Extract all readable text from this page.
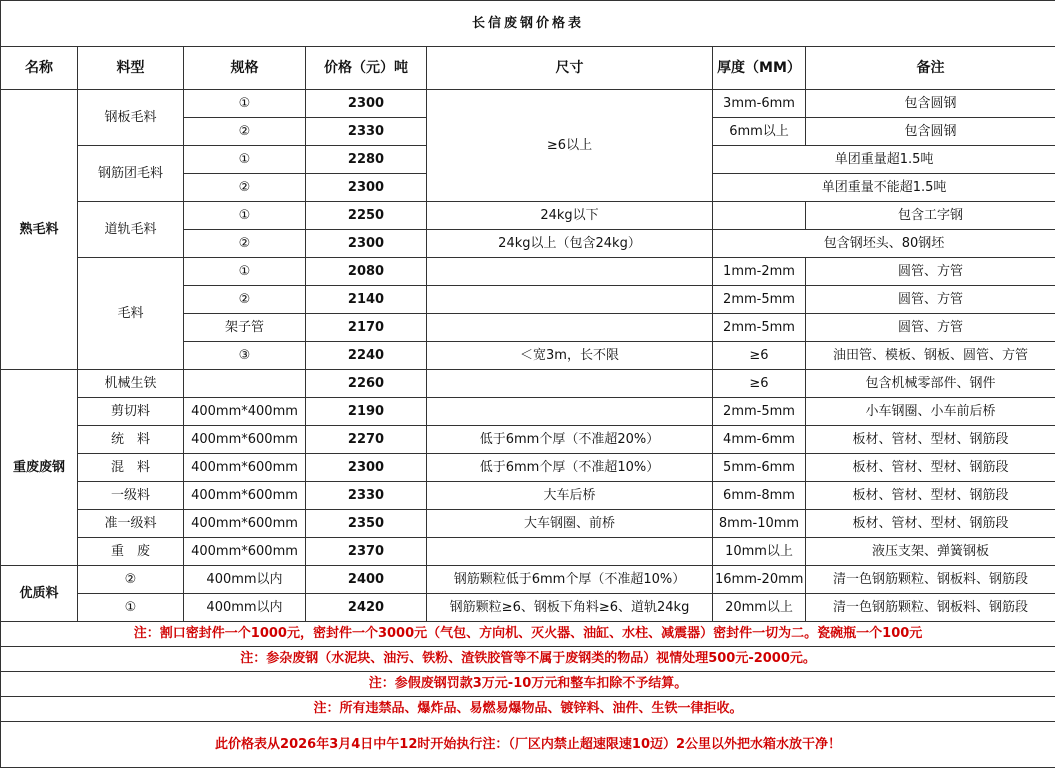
长信废钢价格表						
名称	料型	规格	价格（元）吨	尺寸	厚度（MM）	备注
熟毛料	钢板毛料	①	2300	≥6以上	3mm-6mm	包含圆钢
		②	2330		6mm以上	包含圆钢
	钢筋团毛料	①	2280		单团重量超1.5吨	
		②	2300		单团重量不能超1.5吨	
	道轨毛料	①	2250	24kg以下		包含工字钢
		②	2300	24kg以上（包含24kg）	包含钢坯头、80钢坯	
	毛料	①	2080		1mm-2mm	圆管、方管
		②	2140		2mm-5mm	圆管、方管
		架子管	2170		2mm-5mm	圆管、方管
		③	2240	＜宽3m，长不限	≥6	油田管、模板、钢板、圆管、方管
重废废钢	机械生铁		2260		≥6	包含机械零部件、钢件
	剪切料	400mm*400mm	2190		2mm-5mm	小车钢圈、小车前后桥
	统　料	400mm*600mm	2270	低于6mm个厚（不准超20%）	4mm-6mm	板材、管材、型材、钢筋段
	混　料	400mm*600mm	2300	低于6mm个厚（不准超10%）	5mm-6mm	板材、管材、型材、钢筋段
	一级料	400mm*600mm	2330	大车后桥	6mm-8mm	板材、管材、型材、钢筋段
	准一级料	400mm*600mm	2350	大车钢圈、前桥	8mm-10mm	板材、管材、型材、钢筋段
	重　废	400mm*600mm	2370		10mm以上	液压支架、弹簧钢板
优质料	②	400mm以内	2400	钢筋颗粒低于6mm个厚（不准超10%）	16mm-20mm	清一色钢筋颗粒、钢板料、钢筋段
	①	400mm以内	2420	钢筋颗粒≥6、钢板下角料≥6、道轨24kg	20mm以上	清一色钢筋颗粒、钢板料、钢筋段
注：割口密封件一个1000元，密封件一个3000元（气包、方向机、灭火器、油缸、水柱、减震器）密封件一切为二。瓷碗瓶一个100元						
注：参杂废钢（水泥块、油污、铁粉、渣铁胶管等不属于废钢类的物品）视情处理500元-2000元。						
注：参假废钢罚款3万元-10万元和整车扣除不予结算。						
注：所有违禁品、爆炸品、易燃易爆物品、镀锌料、油件、生铁一律拒收。						
此价格表从2026年3月4日中午12时开始执行注：（厂区内禁止超速限速10迈）2公里以外把水箱水放干净！						
